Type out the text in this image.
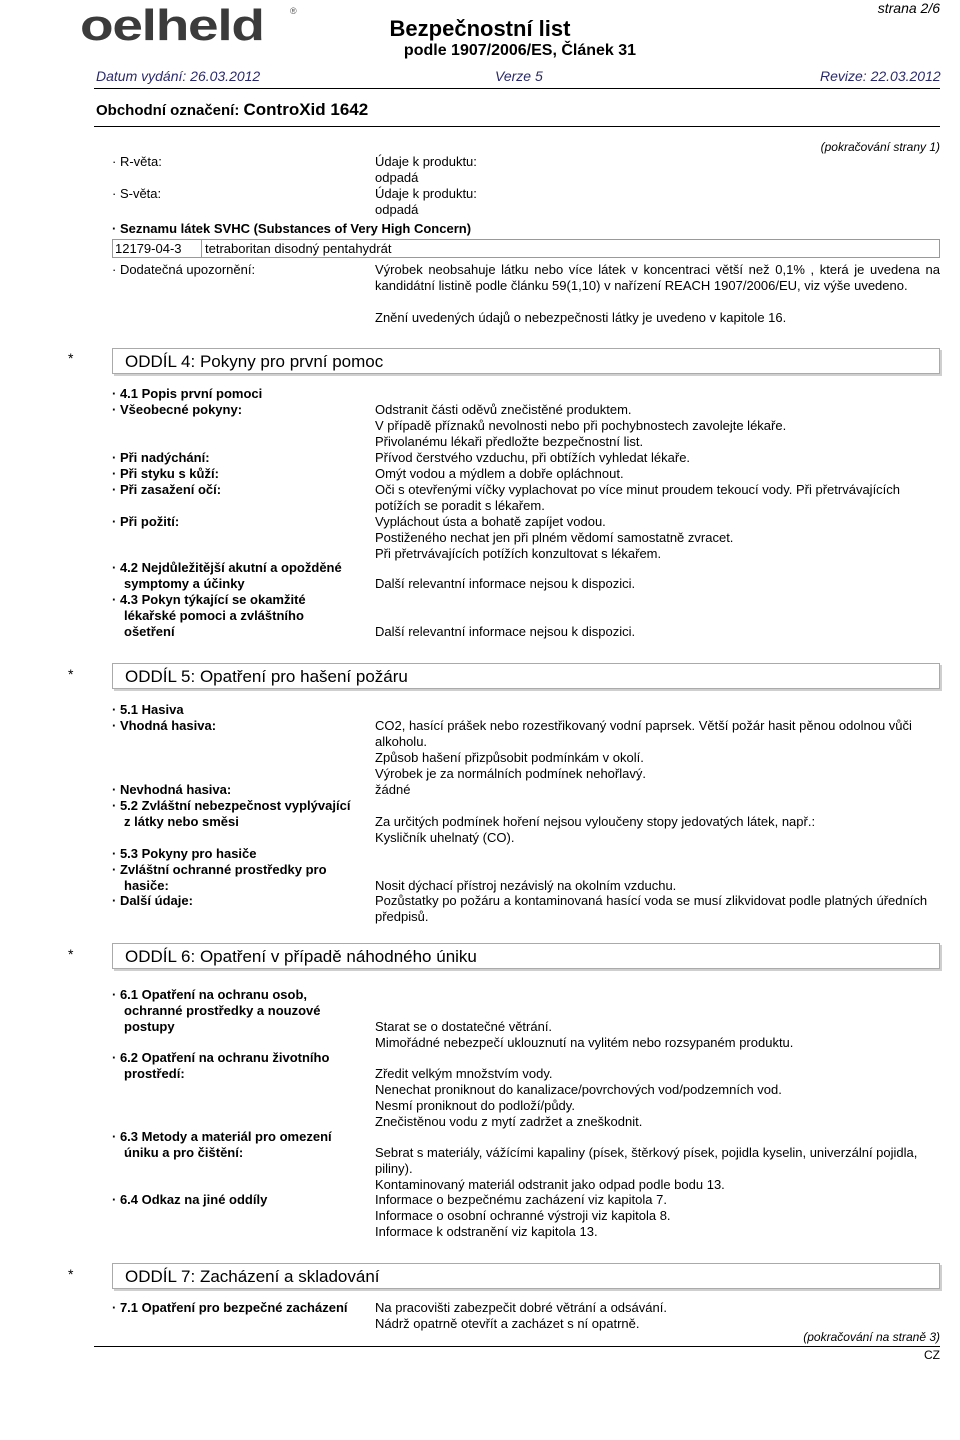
oelheld	®
Bezpečnostní list
podle 1907/2006/ES, Článek 31
strana 2/6
Datum vydání: 26.03.2012	Verze 5	Revize: 22.03.2012
Obchodní označení: ControXid 1642
(pokračování strany 1)
· R-věta:	Údaje k produktu:
odpadá
· S-věta:	Údaje k produktu:
odpadá
· Seznamu látek SVHC (Substances of Very High Concern)
12179-04-3 tetraboritan disodný pentahydrát
· Dodatečná upozornění:	Výrobek neobsahuje látku nebo více látek v koncentraci větší než 0,1% , která je uvedena na kandidátní listině podle článku 59(1,10) v nařízení REACH 1907/2006/EU, viz výše uvedeno.
Znění uvedených údajů o nebezpečnosti látky je uvedeno v kapitole 16.
*	ODDÍL 4: Pokyny pro první pomoc
· 4.1 Popis první pomoci
· Všeobecné pokyny:	Odstranit části oděvů znečistěné produktem.
V případě příznaků nevolnosti nebo při pochybnostech zavolejte lékaře.
Přivolanému lékaři předložte bezpečnostní list.
· Při nadýchání:	Přívod čerstvého vzduchu, při obtížích vyhledat lékaře.
· Při styku s kůží:	Omýt vodou a mýdlem a dobře opláchnout.
· Při zasažení očí:	Oči s otevřenými víčky vyplachovat po více minut proudem tekoucí vody. Při přetrvávajících potížích se poradit s lékařem.
· Při požití:	Vypláchout ústa a bohatě zapíjet vodou.
Postiženého nechat jen při plném vědomí samostatně zvracet.
Při přetrvávajících potížích konzultovat s lékařem.
· 4.2 Nejdůležitější akutní a opožděné
symptomy a účinky	Další relevantní informace nejsou k dispozici.
· 4.3 Pokyn týkající se okamžité
lékařské pomoci a zvláštního
ošetření	Další relevantní informace nejsou k dispozici.
*	ODDÍL 5: Opatření pro hašení požáru
· 5.1 Hasiva
· Vhodná hasiva:	CO2, hasící prášek nebo rozestřikovaný vodní paprsek. Větší požár hasit pěnou odolnou vůči alkoholu.
Způsob hašení přizpůsobit podmínkám v okolí.
Výrobek je za normálních podmínek nehořlavý.
· Nevhodná hasiva:	žádné
· 5.2 Zvláštní nebezpečnost vyplývající
z látky nebo směsi	Za určitých podmínek hoření nejsou vyloučeny stopy jedovatých látek, např.:
Kysličník uhelnatý (CO).
· 5.3 Pokyny pro hasiče
· Zvláštní ochranné prostředky pro
hasiče:	Nosit dýchací přístroj nezávislý na okolním vzduchu.
· Další údaje:	Pozůstatky po požáru a kontaminovaná hasící voda se musí zlikvidovat podle platných úředních předpisů.
*	ODDÍL 6: Opatření v případě náhodného úniku
· 6.1 Opatření na ochranu osob,
ochranné prostředky a nouzové
postupy	Starat se o dostatečné větrání.
Mimořádné nebezpečí uklouznutí na vylitém nebo rozsypaném produktu.
· 6.2 Opatření na ochranu životního
prostředí:	Zředit velkým množstvím vody.
Nenechat proniknout do kanalizace/povrchových vod/podzemních vod.
Nesmí proniknout do podloží/půdy.
Znečistěnou vodu z mytí zadržet a zneškodnit.
· 6.3 Metody a materiál pro omezení
úniku a pro čištění:	Sebrat s materiály, vážícími kapaliny (písek, štěrkový písek, pojidla kyselin, univerzální pojidla, piliny).
Kontaminovaný materiál odstranit jako odpad podle bodu 13.
· 6.4 Odkaz na jiné oddíly	Informace o bezpečnému zacházení viz kapitola 7.
Informace o osobní ochranné výstroji viz kapitola 8.
Informace k odstranění viz kapitola 13.
*	ODDÍL 7: Zacházení a skladování
· 7.1 Opatření pro bezpečné zacházení Na pracovišti zabezpečit dobré větrání a odsávání.
Nádrž opatrně otevřít a zacházet s ní opatrně.
(pokračování na straně 3)
CZ
